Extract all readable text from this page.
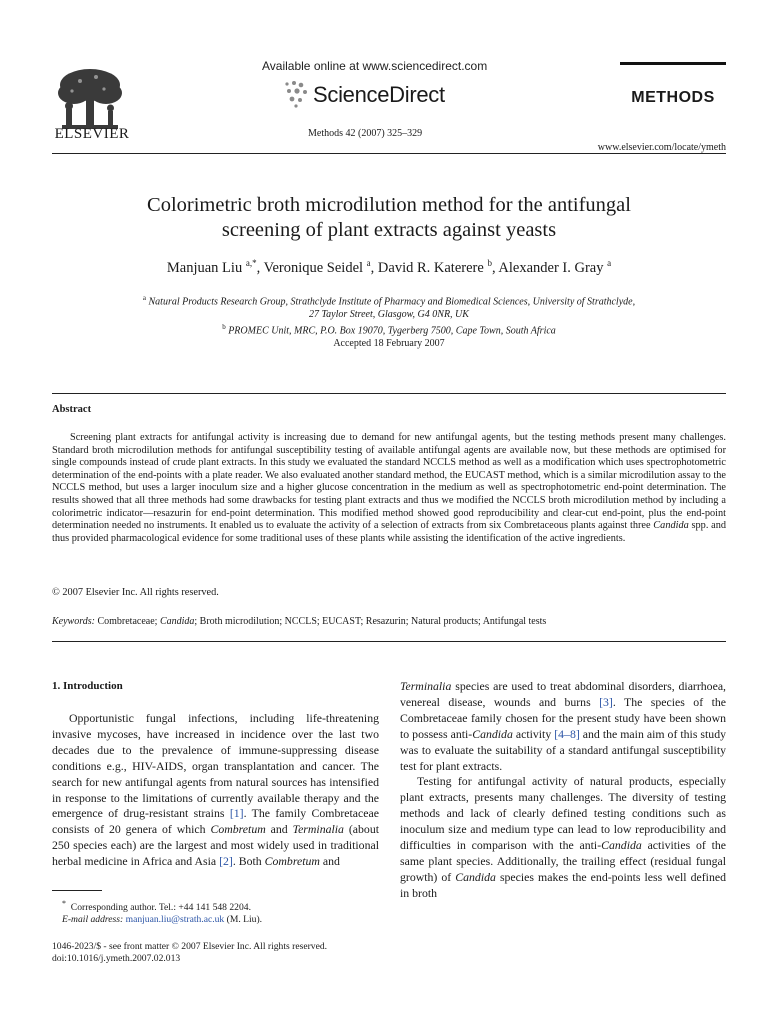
ELSEVIER
Available online at www.sciencedirect.com
ScienceDirect
Methods 42 (2007) 325–329
METHODS
www.elsevier.com/locate/ymeth
Colorimetric broth microdilution method for the antifungal
screening of plant extracts against yeasts
Manjuan Liu $^{a,*}$, Veronique Seidel $^a$, David R. Katerere $^b$, Alexander I. Gray $^a$
$^a$ Natural Products Research Group, Strathclyde Institute of Pharmacy and Biomedical Sciences, University of Strathclyde,
27 Taylor Street, Glasgow, G4 0NR, UK
$^b$ PROMEC Unit, MRC, P.O. Box 19070, Tygerberg 7500, Cape Town, South Africa
Accepted 18 February 2007
Abstract
Screening plant extracts for antifungal activity is increasing due to demand for new antifungal agents, but the testing methods present many challenges. Standard broth microdilution methods for antifungal susceptibility testing of available antifungal agents are available now, but these methods are optimised for single compounds instead of crude plant extracts. In this study we evaluated the standard NCCLS method as well as a modification which uses spectrophotometric determination of the end-points with a plate reader. We also evaluated another standard method, the EUCAST method, which is a similar microdilution assay to the NCCLS method, but uses a larger inoculum size and a higher glucose concentration in the medium as well as spectrophotometric end-point determination. The results showed that all three methods had some drawbacks for testing plant extracts and thus we modified the NCCLS broth microdilution method by including a colorimetric indicator—resazurin for end-point determination. This modified method showed good reproducibility and clear-cut end-point, plus the end-point determination needed no instruments. It enabled us to evaluate the activity of a selection of extracts from six Combretaceous plants against three Candida spp. and thus provided pharmacological evidence for some traditional uses of these plants while assisting the identification of the active ingredients.
© 2007 Elsevier Inc. All rights reserved.
Keywords: Combretaceae; Candida; Broth microdilution; NCCLS; EUCAST; Resazurin; Natural products; Antifungal tests
1. Introduction

Opportunistic fungal infections, including life-threatening invasive mycoses, have increased in incidence over the last two decades due to the prevalence of immune-suppressing disease conditions e.g., HIV-AIDS, organ transplantation and cancer. The search for new antifungal agents from natural sources has intensified in response to the limitations of currently available therapy and the emergence of drug-resistant strains [1]. The family Combretaceae consists of 20 genera of which Combretum and Terminalia (about 250 species each) are the largest and most widely used in traditional herbal medicine in Africa and Asia [2]. Both Combretum and

Terminalia species are used to treat abdominal disorders, diarrhoea, venereal disease, wounds and burns [3]. The species of the Combretaceae family chosen for the present study have been shown to possess anti-Candida activity [4–8] and the main aim of this study was to evaluate the suitability of a standard antifungal susceptibility test for plant extracts.

Testing for antifungal activity of natural products, especially plant extracts, presents many challenges. The diversity of testing methods and lack of clearly defined testing conditions such as inoculum size and medium type can lead to low reproducibility and difficulties in comparison with the anti-Candida activities of the same plant species. Additionally, the trailing effect (residual fungal growth) of Candida species makes the end-points less well defined in broth

* Corresponding author. Tel.: +44 141 548 2204.
E-mail address: manjuan.liu@strath.ac.uk (M. Liu).
1046-2023/$ - see front matter © 2007 Elsevier Inc. All rights reserved.
doi:10.1016/j.ymeth.2007.02.013
